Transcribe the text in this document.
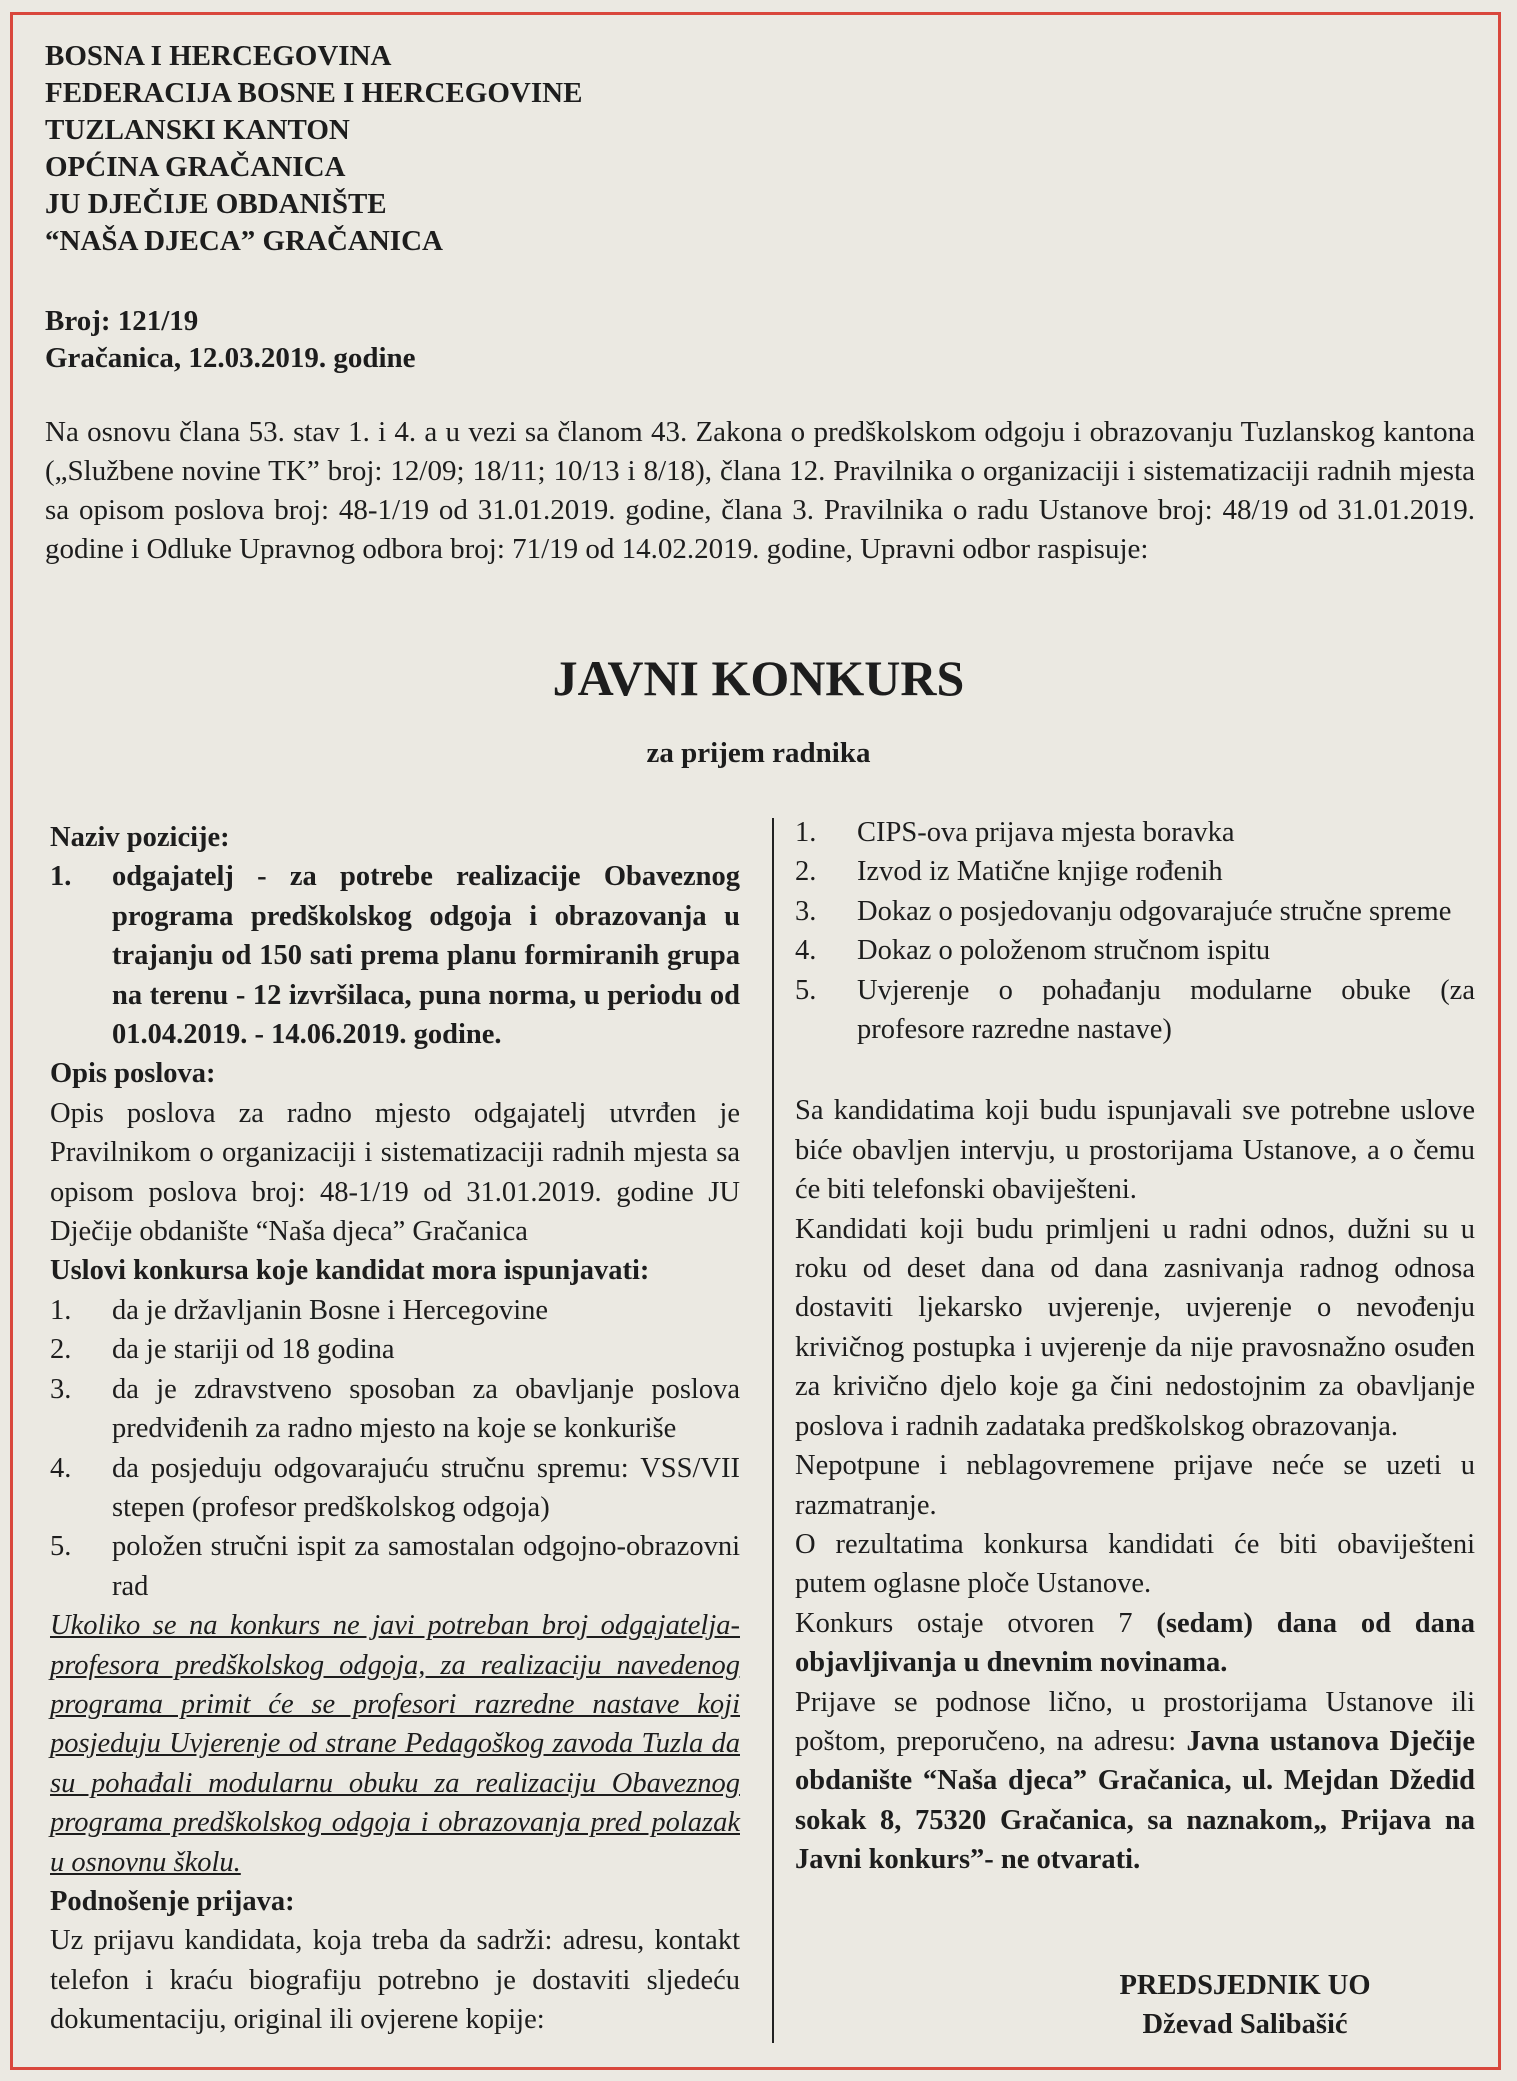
BOSNA I HERCEGOVINA
FEDERACIJA BOSNE I HERCEGOVINE
TUZLANSKI KANTON
OPĆINA GRAČANICA
JU DJEČIJE OBDANIŠTE
“NAŠA DJECA” GRAČANICA
Broj: 121/19
Gračanica, 12.03.2019. godine
Na osnovu člana 53. stav 1. i 4. a u vezi sa članom 43. Zakona o predškolskom odgoju i obrazovanju Tuzlanskog kantona („Službene novine TK” broj: 12/09; 18/11; 10/13 i 8/18), člana 12. Pravilnika o organizaciji i sistematizaciji radnih mjesta sa opisom poslova broj: 48-1/19 od 31.01.2019. godine, člana 3. Pravilnika o radu Ustanove broj: 48/19 od 31.01.2019. godine i Odluke Upravnog odbora broj: 71/19 od 14.02.2019. godine, Upravni odbor raspisuje:
JAVNI KONKURS
za prijem radnika
Naziv pozicije:
1.	odgajatelj - za potrebe realizacije Obaveznog programa predškolskog odgoja i obrazovanja u trajanju od 150 sati prema planu formiranih grupa na terenu - 12 izvršilaca, puna norma, u periodu od 01.04.2019. - 14.06.2019. godine.
Opis poslova:
Opis poslova za radno mjesto odgajatelj utvrđen je Pravilnikom o organizaciji i sistematizaciji radnih mjesta sa opisom poslova broj: 48-1/19 od 31.01.2019. godine JU Dječije obdanište “Naša djeca” Gračanica
Uslovi konkursa koje kandidat mora ispunjavati:
1.	da je državljanin Bosne i Hercegovine
2.	da je stariji od 18 godina
3.	da je zdravstveno sposoban za obavljanje poslova predviđenih za radno mjesto na koje se konkuriše
4.	da posjeduju odgovarajuću stručnu spremu: VSS/VII stepen (profesor predškolskog odgoja)
5.	položen stručni ispit za samostalan odgojno-obrazovni rad
Ukoliko se na konkurs ne javi potreban broj odgajatelja-profesora predškolskog odgoja, za realizaciju navedenog programa primit će se profesori razredne nastave koji posjeduju Uvjerenje od strane Pedagoškog zavoda Tuzla da su pohađali modularnu obuku za realizaciju Obaveznog programa predškolskog odgoja i obrazovanja pred polazak u osnovnu školu.
Podnošenje prijava:
Uz prijavu kandidata, koja treba da sadrži: adresu, kontakt telefon i kraću biografiju potrebno je dostaviti sljedeću dokumentaciju, original ili ovjerene kopije:
1.	CIPS-ova prijava mjesta boravka
2.	Izvod iz Matične knjige rođenih
3.	Dokaz o posjedovanju odgovarajuće stručne spreme
4.	Dokaz o položenom stručnom ispitu
5.	Uvjerenje o pohađanju modularne obuke (za profesore razredne nastave)
Sa kandidatima koji budu ispunjavali sve potrebne uslove biće obavljen intervju, u prostorijama Ustanove, a o čemu će biti telefonski obaviješteni.
Kandidati koji budu primljeni u radni odnos, dužni su u roku od deset dana od dana zasnivanja radnog odnosa dostaviti ljekarsko uvjerenje, uvjerenje o nevođenju krivičnog postupka i uvjerenje da nije pravosnažno osuđen za krivično djelo koje ga čini nedostojnim za obavljanje poslova i radnih zadataka predškolskog obrazovanja.
Nepotpune i neblagovremene prijave neće se uzeti u razmatranje.
O rezultatima konkursa kandidati će biti obaviješteni putem oglasne ploče Ustanove.
Konkurs ostaje otvoren 7 (sedam) dana od dana objavljivanja u dnevnim novinama.
Prijave se podnose lično, u prostorijama Ustanove ili poštom, preporučeno, na adresu: Javna ustanova Dječije obdanište “Naša djeca” Gračanica, ul. Mejdan Džedid sokak 8, 75320 Gračanica, sa naznakom„ Prijava na Javni konkurs”- ne otvarati.
PREDSJEDNIK UO
Dževad Salibašić
